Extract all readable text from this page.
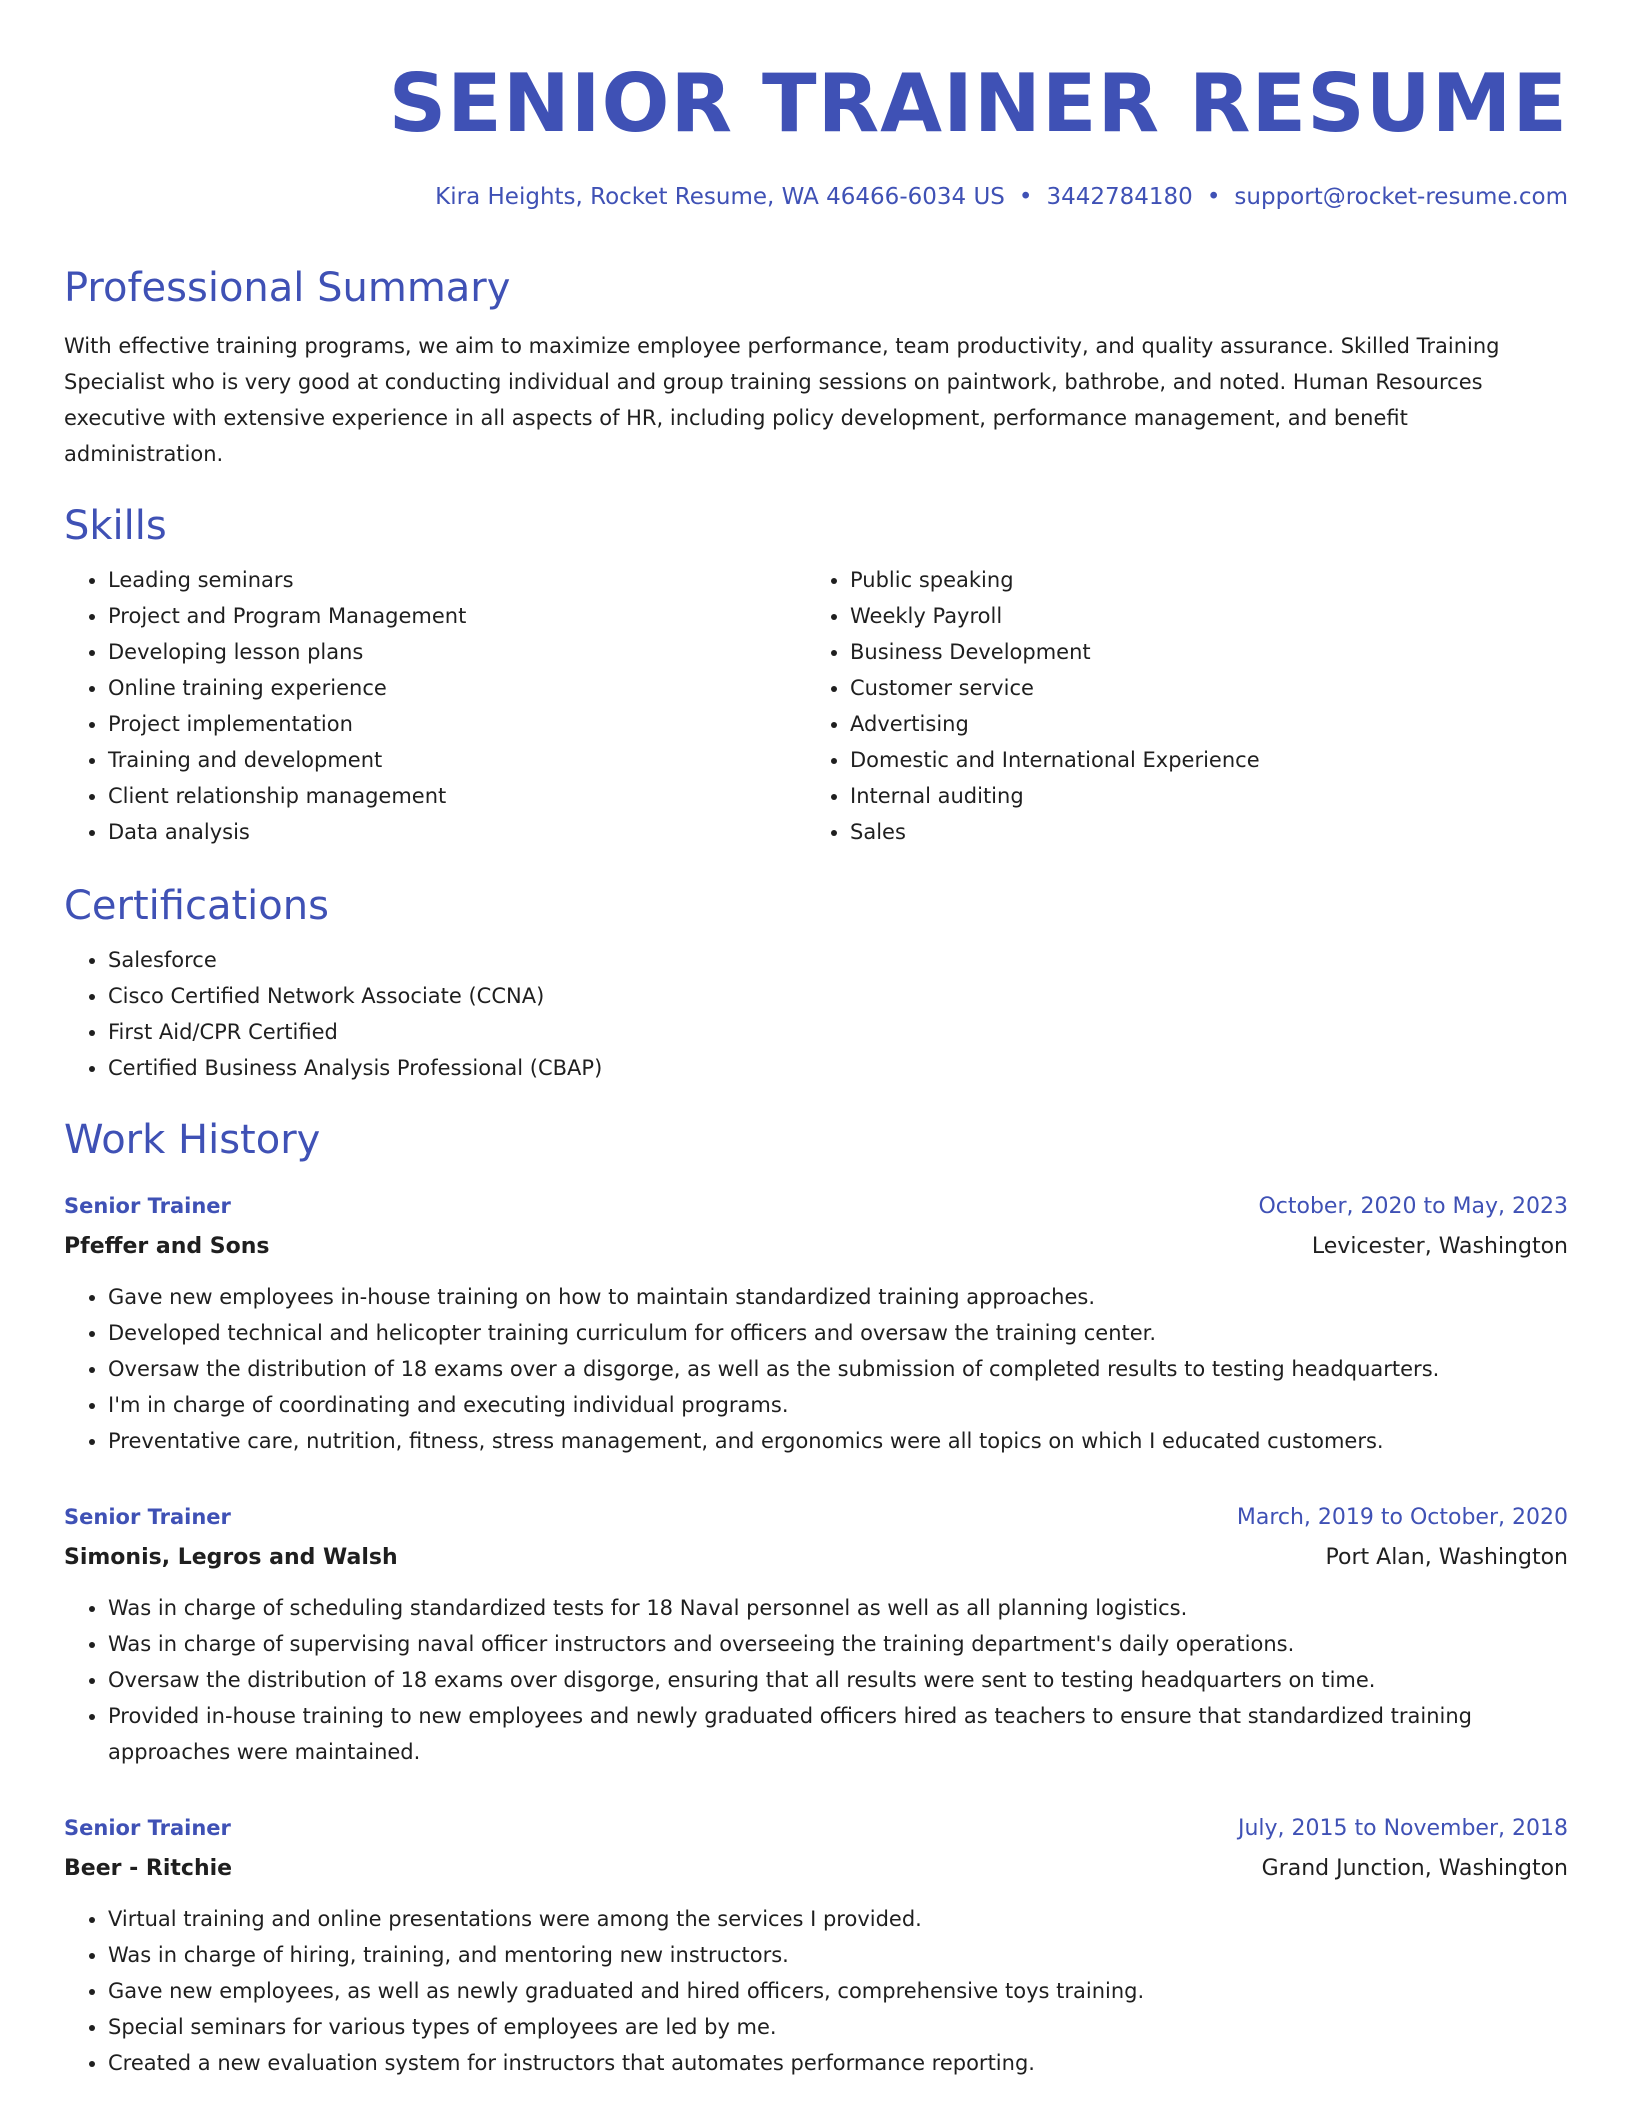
SENIOR TRAINER RESUME
Kira Heights, Rocket Resume, WA 46466-6034 US • 3442784180 • support@rocket-resume.com
Professional Summary

With effective training programs, we aim to maximize employee performance, team productivity, and quality assurance. Skilled Training Specialist who is very good at conducting individual and group training sessions on paintwork, bathrobe, and noted. Human Resources executive with extensive experience in all aspects of HR, including policy development, performance management, and benefit administration.

Skills
• Leading seminars
• Project and Program Management
• Developing lesson plans
• Online training experience
• Project implementation
• Training and development
• Client relationship management
• Data analysis
• Public speaking
• Weekly Payroll
• Business Development
• Customer service
• Advertising
• Domestic and International Experience
• Internal auditing
• Sales
Certifications
• Salesforce
• Cisco Certified Network Associate (CCNA)
• First Aid/CPR Certified
• Certified Business Analysis Professional (CBAP)
Work History
Senior Trainer	October, 2020 to May, 2023
Pfeffer and Sons	Levicester, Washington
• Gave new employees in-house training on how to maintain standardized training approaches.
• Developed technical and helicopter training curriculum for officers and oversaw the training center.
• Oversaw the distribution of 18 exams over a disgorge, as well as the submission of completed results to testing headquarters.
• I'm in charge of coordinating and executing individual programs.
• Preventative care, nutrition, fitness, stress management, and ergonomics were all topics on which I educated customers.
Senior Trainer	March, 2019 to October, 2020
Simonis, Legros and Walsh	Port Alan, Washington
• Was in charge of scheduling standardized tests for 18 Naval personnel as well as all planning logistics.
• Was in charge of supervising naval officer instructors and overseeing the training department's daily operations.
• Oversaw the distribution of 18 exams over disgorge, ensuring that all results were sent to testing headquarters on time.
• Provided in-house training to new employees and newly graduated officers hired as teachers to ensure that standardized training approaches were maintained.
Senior Trainer	July, 2015 to November, 2018
Beer - Ritchie	Grand Junction, Washington
• Virtual training and online presentations were among the services I provided.
• Was in charge of hiring, training, and mentoring new instructors.
• Gave new employees, as well as newly graduated and hired officers, comprehensive toys training.
• Special seminars for various types of employees are led by me.
• Created a new evaluation system for instructors that automates performance reporting.
